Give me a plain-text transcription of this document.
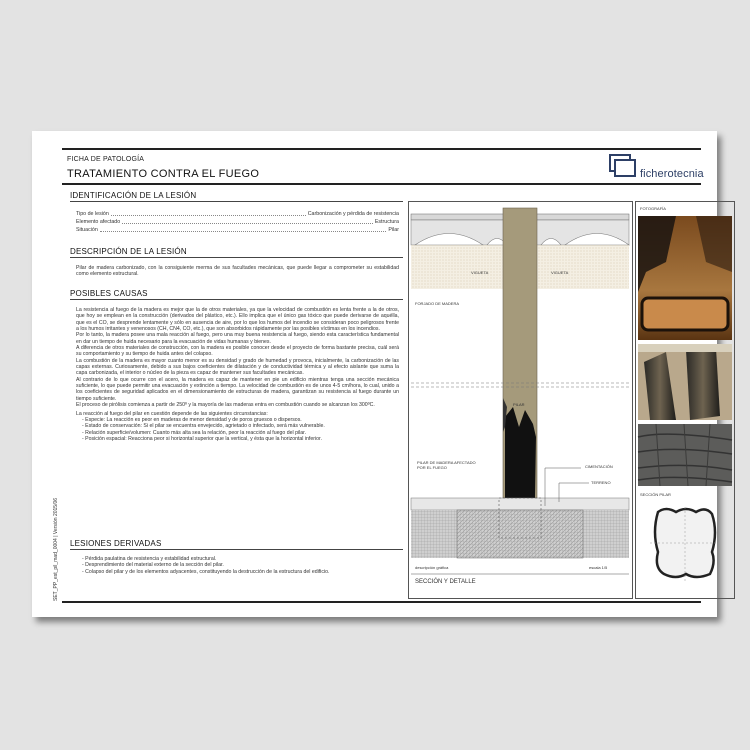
FICHA DE PATOLOGÍA
TRATAMIENTO CONTRA EL FUEGO	ficherotecnia
SET_PP_est_pil_mad_0004 | Versión 2015/06
IDENTIFICACIÓN DE LA LESIÓN
Tipo de lesión	Carbonización y pérdida de resistencia
Elemento afectado	Estructura
Situación	Pilar
DESCRIPCIÓN DE LA LESIÓN
Pilar de madera carbonizado, con la consiguiente merma de sus facultades mecánicas, que puede llegar a comprometer su estabilidad como elemento estructural.
POSIBLES CAUSAS

La resistencia al fuego de la madera es mejor que la de otros materiales, ya que la velocidad de combustión es lenta frente a la de otros, que hoy se emplean en la construcción (derivados del plástico, etc.). Ello implica que el único gas tóxico que puede derivarse de aquélla, que es el CO, se desprende lentamente y sólo en ausencia de aire, por lo que los humos del incendio se consideran poco peligrosos frente a los humos irritantes y venenosos (CH, CN4, CO, etc.), que son absorbidos rápidamente por las posibles víctimas en los incendios.

Por lo tanto, la madera posee una mala reacción al fuego, pero una muy buena resistencia al fuego, siendo esta característica fundamental en dar un tiempo de huida necesario para la evacuación de vidas humanas y bienes.

A diferencia de otros materiales de construcción, con la madera es posible conocer desde el proyecto de forma bastante precisa, cuál será su comportamiento y su tiempo de huida antes del colapso.

La combustión de la madera es mayor cuanto menor es su densidad y grado de humedad y provoca, inicialmente, la carbonización de las capas externas. Curiosamente, debido a sus bajos coeficientes de dilatación y de conductividad térmica y al efecto aislante que suma la capa carbonizada, el interior o núcleo de la pieza es capaz de mantener sus facultades mecánicas.

Al contrario de lo que ocurre con el acero, la madera es capaz de mantener en pie un edificio mientras tenga una sección mecánica suficiente, lo que puede permitir una evacuación y extinción a tiempo. La velocidad de combustión es de unos 4-5 cm/hora, lo cual, unido a los coeficientes de seguridad aplicados en el dimensionamiento de estructuras de madera, garantizan su resistencia al fuego durante un tiempo suficiente.

El proceso de pirólisis comienza a partir de 250º y la mayoría de las maderas entra en combustión cuando se alcanzan los 300ºC.

La reacción al fuego del pilar en cuestión depende de las siguientes circunstancias:

- Especie: La reacción es peor en maderas de menor densidad y de poros gruesos o dispersos.
- Estado de conservación: Si el pilar se encuentra envejecido, agrietado o infectado, será más vulnerable.
- Relación superficie/volumen: Cuanto más alta sea la relación, peor la reacción al fuego del pilar.
- Posición espacial: Reacciona peor si horizontal superior que la vertical, y ésta que la horizontal inferior.
LESIONES DERIVADAS
- Pérdida paulatina de resistencia y estabilidad estructural.
- Desprendimiento del material externo de la sección del pilar.
- Colapso del pilar y de los elementos adyacentes, constituyendo la destrucción de la estructura del edificio.
FORJADO DE MADERA
VIGUETA	VIGUETA
PILAR
PILAR DE MADERA AFECTADO POR EL FUEGO	CIMENTACIÓN
TERRENO
descripción gráfica	escala 1/5
SECCIÓN Y DETALLE
FOTOGRAFÍA
SECCIÓN PILAR
